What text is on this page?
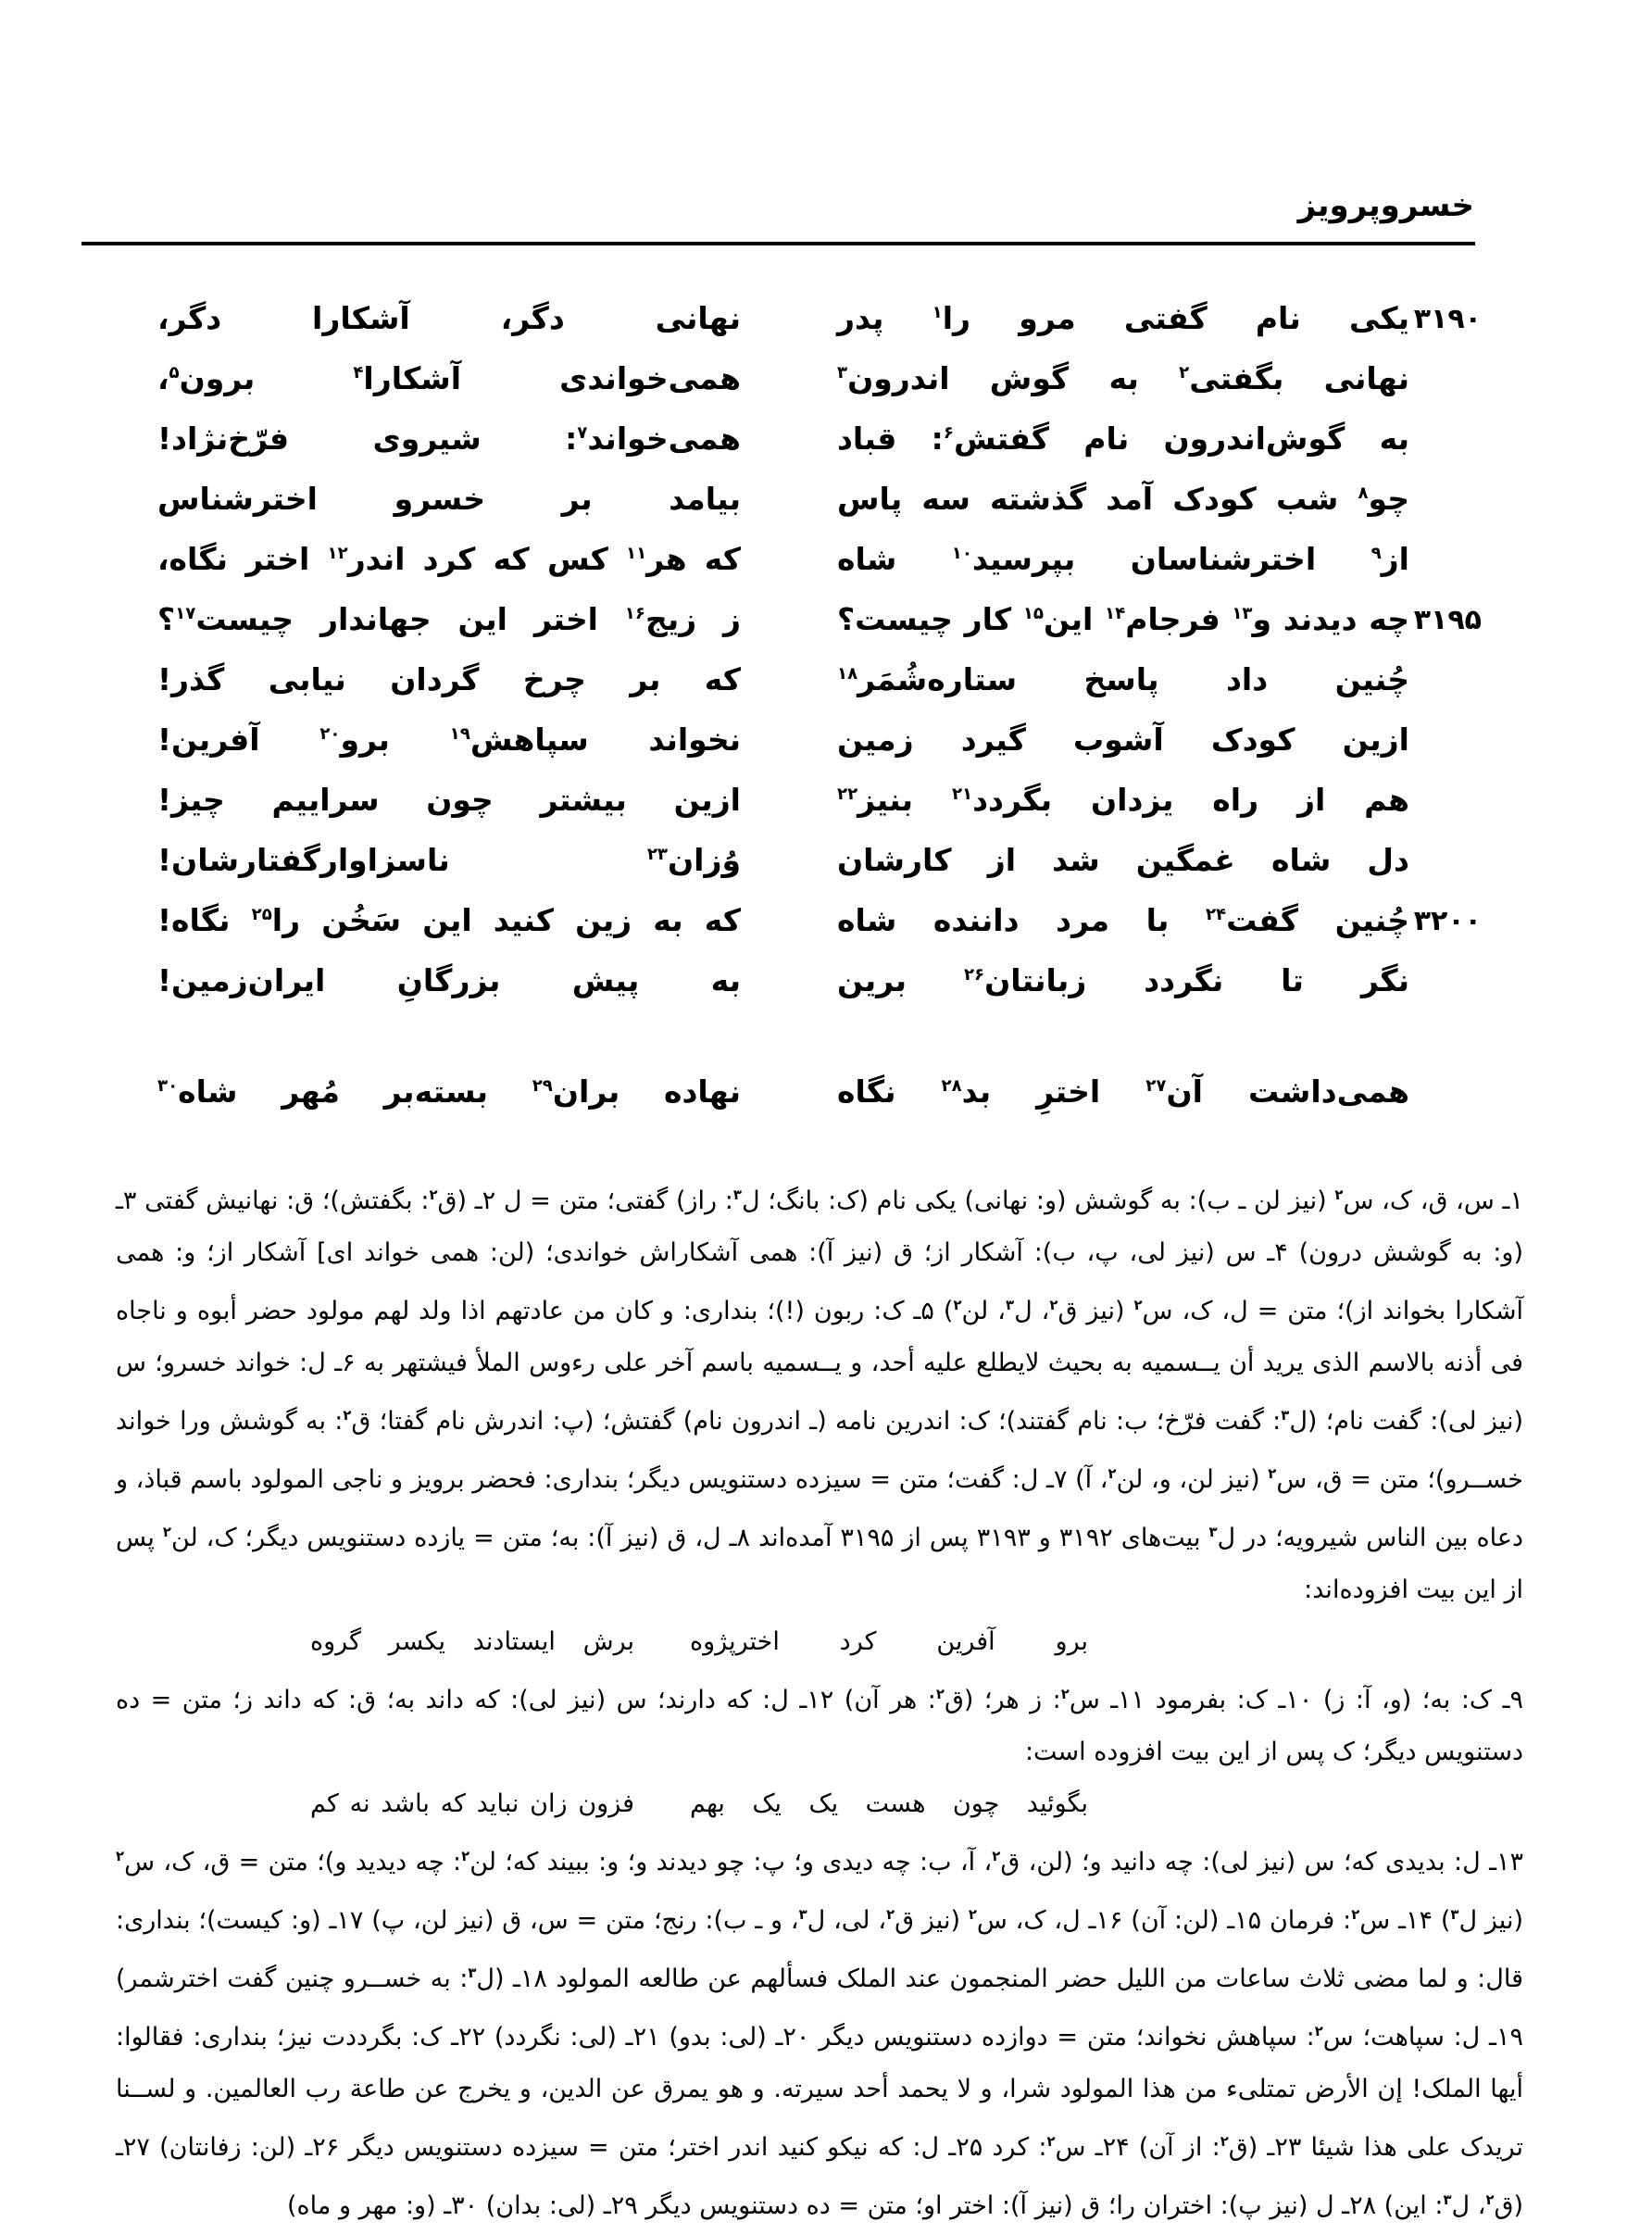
خسروپرویز
۳۱۹۰
یکی نام گفتی مرو را$^۱$ پدر
نهانی دگر، آشکارا دگر،
نهانی بگفتی$^۲$ به گوش اندرون$^۳$
همی‌خواندی آشکارا$^۴$ برون$^۵$،
به گوش‌اندرون نام گفتش$^۶$: قباد
همی‌خواند$^۷$: شیروی فرّخ‌نژاد!
چو$^۸$ شب کودک آمد گذشته سه پاس
بیامد بر خسرو اخترشناس
از$^۹$ اخترشناسان بپرسید$^{۱۰}$ شاه
که هر$^{۱۱}$ کس که کرد اندر$^{۱۲}$ اختر نگاه،
۳۱۹۵
چه دیدند و$^{۱۳}$ فرجام$^{۱۴}$ این$^{۱۵}$ کار چیست؟
ز زیج$^{۱۶}$ اختر این جهاندار چیست$^{۱۷}$؟
چُنین داد پاسخ ستاره‌شُمَر$^{۱۸}$
که بر چرخ گردان نیابی گذر!
ازین کودک آشوب گیرد زمین
نخواند سپاهش$^{۱۹}$ برو$^{۲۰}$ آفرین!
هم از راه یزدان بگردد$^{۲۱}$ بنیز$^{۲۲}$
ازین بیشتر چون سراییم چیز!
دل شاه غمگین شد از کارشان
وُزان$^{۲۳}$ ناسزاوارگفتارشان!
۳۲۰۰
چُنین گفت$^{۲۴}$ با مرد داننده شاه
که به زین کنید این سَخُن را$^{۲۵}$ نگاه!
نگر تا نگردد زبانتان$^{۲۶}$ برین
به پیش بزرگانِ ایران‌زمین!
همی‌داشت آن$^{۲۷}$ اخترِ بد$^{۲۸}$ نگاه
نهاده بران$^{۲۹}$ بسته‌بر مُهر شاه$^{۳۰}$
۱ـ س، ق، ک، س$^۲$ (نیز لن‌ ـ ب): به گوشش (و: نهانی) یکی نام (ک: بانگ؛ ل$^۳$: راز) گفتی؛ متن = ل ۲ـ (ق$^۲$: بگفتش)؛ ق: نهانیش گفتی ۳ـ (و: به گوشش درون) ۴ـ س (نیز لی، پ، ب): آشکار از؛ ق (نیز آ): همی آشکاراش خواندی؛ (لن: همی خواند ای] آشکار از؛ و: همی آشکارا بخواند از)؛ متن = ل، ک، س$^۲$ (نیز ق$^۲$، ل$^۳$، لن$^۲$) ۵ـ ک: ربون (!)؛ بنداری: و کان من عادتهم اذا ولد لهم مولود حضر أبوه و ناجاه فی أذنه بالاسم الذی یرید أن یــسمیه به بحیث لایطلع علیه أحد، و یــسمیه باسم آخر علی رءوس الملأ فیشتهر به ۶ـ ل: خواند خسرو؛ س (نیز لی): گفت نام؛ (ل$^۳$: گفت فرّخ؛ ب: نام گفتند)؛ ک: اندرین نامه (ـ اندرون نام) گفتش؛ (پ: اندرش نام گفتا؛ ق$^۲$: به گوشش ورا خواند خســرو)؛ متن = ق، س$^۲$ (نیز لن، و، لن$^۲$، آ) ۷ـ ل: گفت؛ متن = سیزده دستنویس دیگر؛ بنداری: فحضر برویز و ناجی المولود باسم قباذ، و دعاه بین الناس شیرویه؛ در ل$^۳$ بیت‌های ۳۱۹۲ و ۳۱۹۳ پس از ۳۱۹۵ آمده‌اند ۸ـ ل، ق (نیز آ): به؛ متن = یازده دستنویس دیگر؛ ک، لن$^۲$ پس از این بیت افزوده‌اند:
برو آفرین کرد اخترپژوه
برش ایستادند یکسر گروه
۹ـ ک: به؛ (و، آ: ز) ۱۰ـ ک: بفرمود ۱۱ـ س$^۲$: ز هر؛ (ق$^۲$: هر آن) ۱۲ـ ل: که دارند؛ س (نیز لی): که داند به؛ ق: که داند ز؛ متن = ده دستنویس دیگر؛ ک پس از این بیت افزوده است:
بگوئید چون هست یک یک بهم
فزون زان نباید که باشد نه کم
۱۳ـ ل: بدیدی که؛ س (نیز لی): چه دانید و؛ (لن، ق$^۲$، آ، ب: چه دیدی و؛ پ: چو دیدند و؛ و: ببیند که؛ لن$^۲$: چه دیدید و)؛ متن = ق، ک، س$^۲$ (نیز ل$^۳$) ۱۴ـ س$^۲$: فرمان ۱۵ـ (لن: آن) ۱۶ـ ل، ک، س$^۲$ (نیز ق$^۲$، لی، ل$^۳$، و ـ ب): رنج؛ متن = س، ق (نیز لن، پ) ۱۷ـ (و: کیست)؛ بنداری: قال: و لما مضی ثلاث ساعات من اللیل حضر المنجمون عند الملک فسألهم عن طالعه المولود ۱۸ـ (ل$^۳$: به خســرو چنین گفت اخترشمر) ۱۹ـ ل: سپاهت؛ س$^۲$: سپاهش نخواند؛ متن = دوازده دستنویس دیگر ۲۰ـ (لی: بدو) ۲۱ـ (لی: نگردد) ۲۲ـ ک: بگرددت نیز؛ بنداری: فقالوا: أیها الملک! إن الأرض تمتلیء من هذا المولود شرا، و لا یحمد أحد سیرته. و هو یمرق عن الدین، و یخرج عن طاعة رب العالمین. و لســنا تریدک علی هذا شیئا ۲۳ـ (ق$^۲$: از آن) ۲۴ـ س$^۲$: کرد ۲۵ـ ل: که نیکو کنید اندر اختر؛ متن = سیزده دستنویس دیگر ۲۶ـ (لن: زفانتان) ۲۷ـ (ق$^۲$، ل$^۳$: این) ۲۸ـ ل (نیز پ): اختران را؛ ق (نیز آ): اختر او؛ متن = ده دستنویس دیگر ۲۹ـ (لی: بدان) ۳۰ـ (و: مهر و ماه)
